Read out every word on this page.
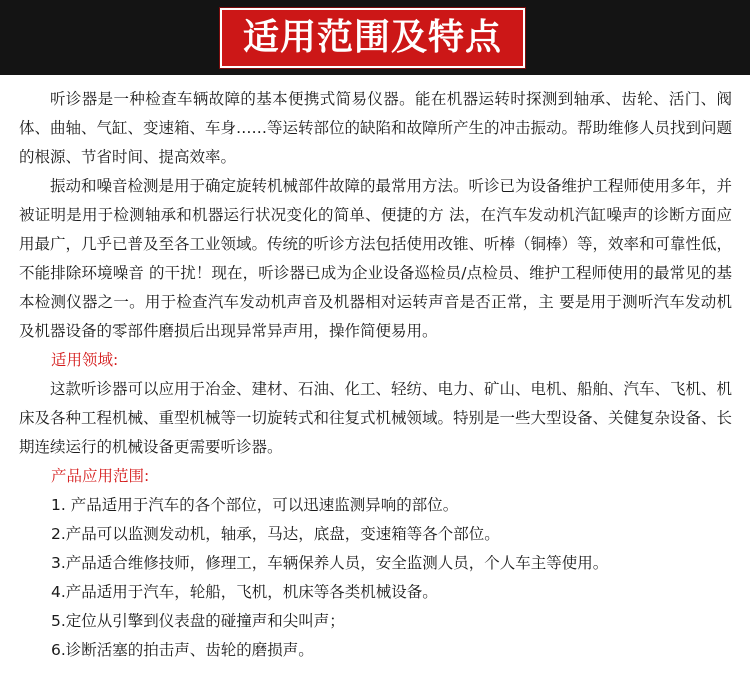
适用范围及特点

听诊器是一种检查车辆故障的基本便携式简易仪器。能在机器运转时探测到轴承、齿轮、活门、阀体、曲轴、气缸、变速箱、车身……等运转部位的缺陷和故障所产生的冲击振动。帮助维修人员找到问题的根源、节省时间、提高效率。

振动和噪音检测是用于确定旋转机械部件故障的最常用方法。听诊已为设备维护工程师使用多年，并被证明是用于检测轴承和机器运行状况变化的简单、便捷的方 法，在汽车发动机汽缸噪声的诊断方面应用最广，几乎已普及至各工业领域。传统的听诊方法包括使用改锥、听棒（铜棒）等，效率和可靠性低，不能排除环境噪音 的干扰！现在，听诊器已成为企业设备巡检员/点检员、维护工程师使用的最常见的基本检测仪器之一。用于检查汽车发动机声音及机器相对运转声音是否正常，主 要是用于测听汽车发动机及机器设备的零部件磨损后出现异常异声用，操作简便易用。

适用领域:

这款听诊器可以应用于冶金、建材、石油、化工、轻纺、电力、矿山、电机、船舶、汽车、飞机、机床及各种工程机械、重型机械等一切旋转式和往复式机械领域。特别是一些大型设备、关健复杂设备、长期连续运行的机械设备更需要听诊器。

产品应用范围:

1. 产品适用于汽车的各个部位，可以迅速监测异响的部位。

2.产品可以监测发动机，轴承，马达，底盘，变速箱等各个部位。

3.产品适合维修技师，修理工，车辆保养人员，安全监测人员，个人车主等使用。

4.产品适用于汽车，轮船，飞机，机床等各类机械设备。

5.定位从引擎到仪表盘的碰撞声和尖叫声；

6.诊断活塞的拍击声、齿轮的磨损声。
